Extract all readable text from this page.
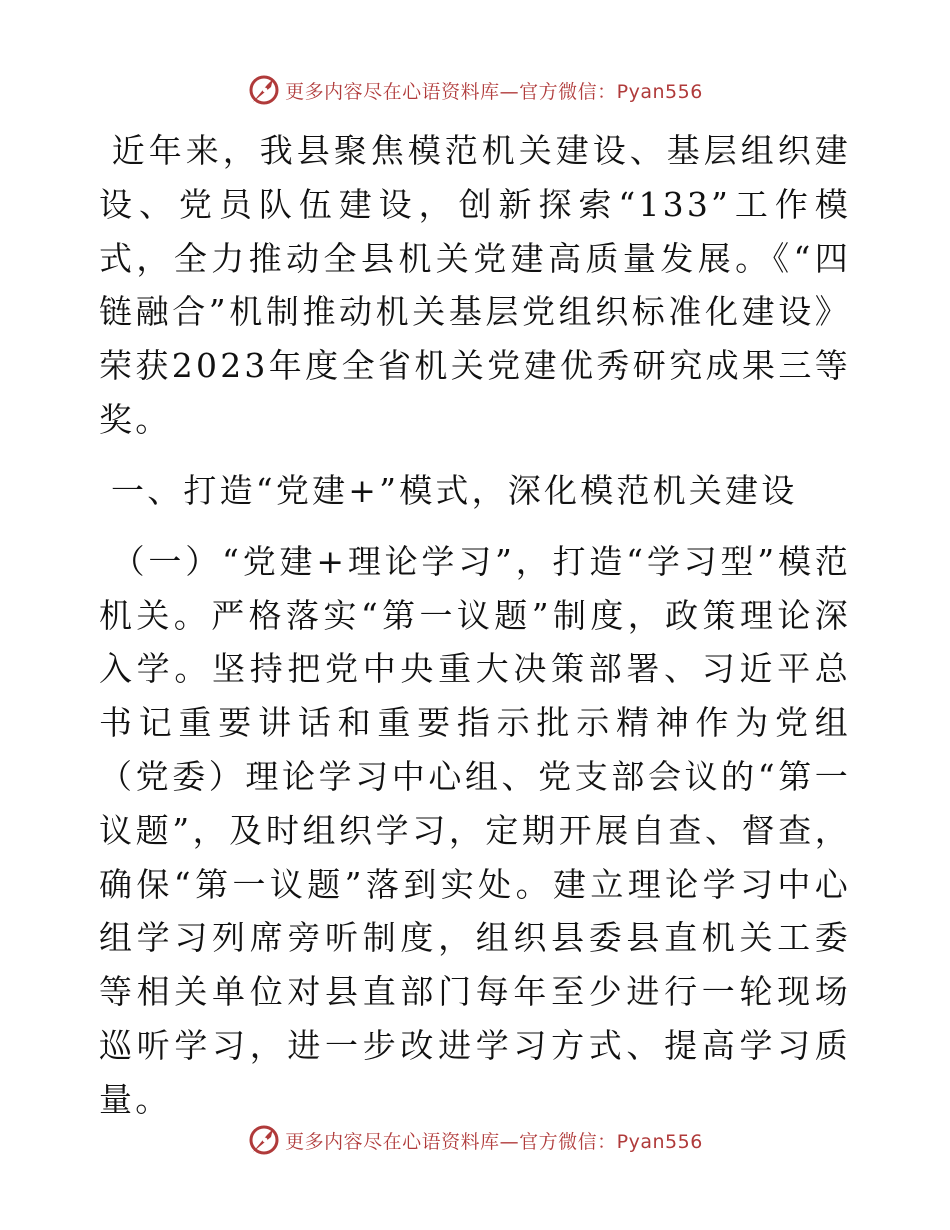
更多内容尽在心语资料库—官方微信：Pyan556

近年来，我县聚焦模范机关建设、基层组织建设、党员队伍建设，创新探索“133”工作模式，全力推动全县机关党建高质量发展。《“四链融合”机制推动机关基层党组织标准化建设》荣获2023年度全省机关党建优秀研究成果三等奖。

一、打造“党建+”模式，深化模范机关建设

（一）“党建+理论学习”，打造“学习型”模范机关。严格落实“第一议题”制度，政策理论深入学。坚持把党中央重大决策部署、习近平总书记重要讲话和重要指示批示精神作为党组（党委）理论学习中心组、党支部会议的“第一议题”，及时组织学习，定期开展自查、督查，确保“第一议题”落到实处。建立理论学习中心组学习列席旁听制度，组织县委县直机关工委等相关单位对县直部门每年至少进行一轮现场巡听学习，进一步改进学习方式、提高学习质量。

更多内容尽在心语资料库—官方微信：Pyan556
